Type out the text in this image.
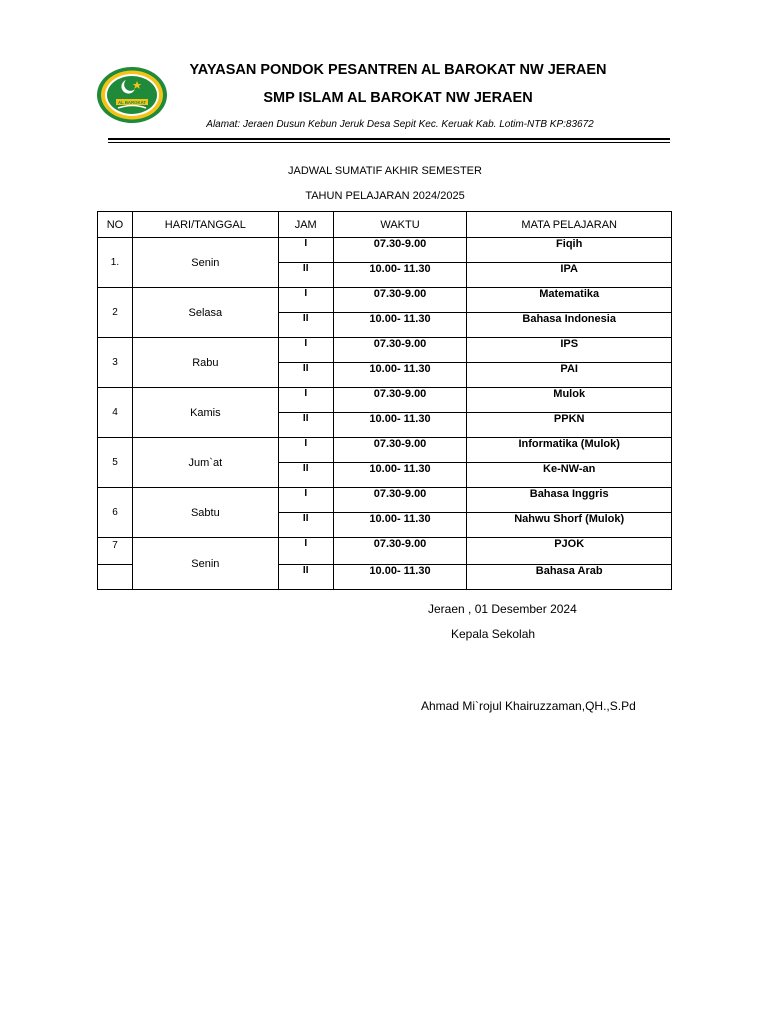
AL BAROKAT
YAYASAN PONDOK PESANTREN AL BAROKAT NW JERAEN
SMP ISLAM AL BAROKAT NW JERAEN
Alamat: Jeraen Dusun Kebun Jeruk Desa Sepit Kec. Keruak Kab. Lotim-NTB KP:83672
JADWAL SUMATIF AKHIR SEMESTER
TAHUN PELAJARAN 2024/2025
NO	HARI/TANGGAL	JAM	WAKTU	MATA PELAJARAN
1.	Senin	I	07.30-9.00	Fiqih
		II	10.00- 11.30	IPA
2	Selasa	I	07.30-9.00	Matematika
		II	10.00- 11.30	Bahasa Indonesia
3	Rabu	I	07.30-9.00	IPS
		II	10.00- 11.30	PAI
4	Kamis	I	07.30-9.00	Mulok
		II	10.00- 11.30	PPKN
5	Jum`at	I	07.30-9.00	Informatika (Mulok)
		II	10.00- 11.30	Ke-NW-an
6	Sabtu	I	07.30-9.00	Bahasa Inggris
		II	10.00- 11.30	Nahwu Shorf (Mulok)
7	Senin	I	07.30-9.00	PJOK
		II	10.00- 11.30	Bahasa Arab
Jeraen , 01 Desember 2024
Kepala Sekolah
Ahmad Mi`rojul Khairuzzaman,QH.,S.Pd
